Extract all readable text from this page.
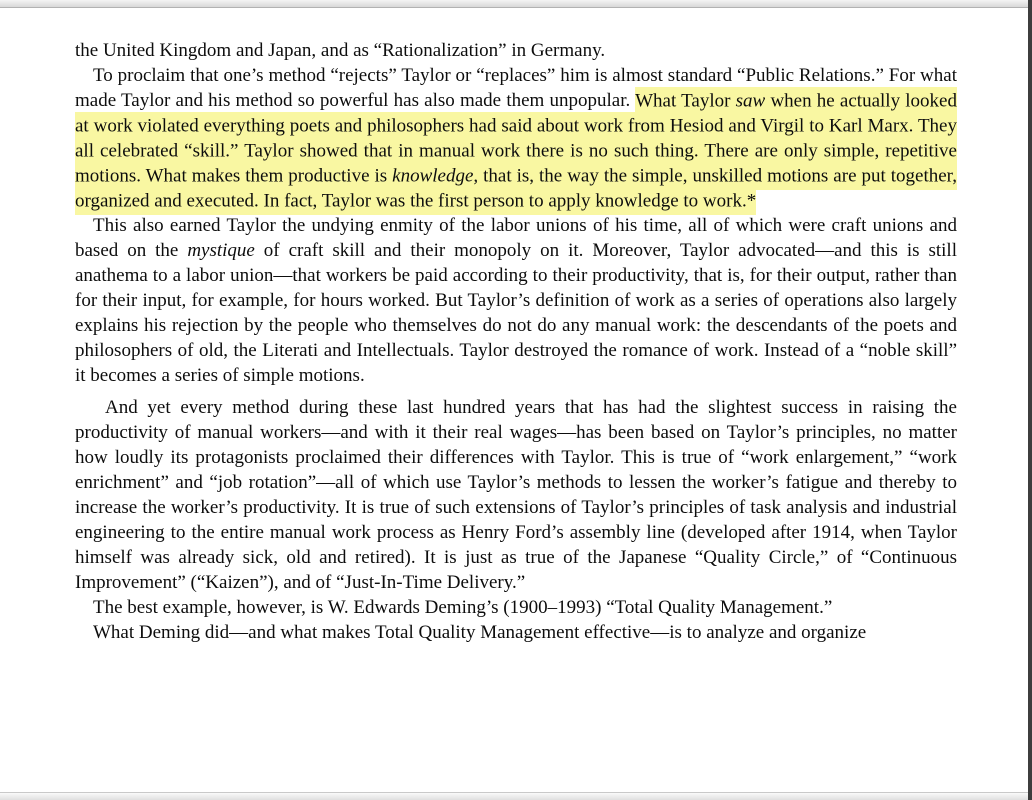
the United Kingdom and Japan, and as “Rationalization” in Germany.

To proclaim that one’s method “rejects” Taylor or “replaces” him is almost standard “Public Relations.” For what made Taylor and his method so powerful has also made them unpopular. What Taylor saw when he actually looked at work violated everything poets and philosophers had said about work from Hesiod and Virgil to Karl Marx. They all celebrated “skill.” Taylor showed that in manual work there is no such thing. There are only simple, repetitive motions. What makes them productive is knowledge, that is, the way the simple, unskilled motions are put together, organized and executed. In fact, Taylor was the first person to apply knowledge to work.*

This also earned Taylor the undying enmity of the labor unions of his time, all of which were craft unions and based on the mystique of craft skill and their monopoly on it. Moreover, Taylor advocated—and this is still anathema to a labor union—that workers be paid according to their productivity, that is, for their output, rather than for their input, for example, for hours worked. But Taylor’s definition of work as a series of operations also largely explains his rejection by the people who themselves do not do any manual work: the descendants of the poets and philosophers of old, the Literati and Intellectuals. Taylor destroyed the romance of work. Instead of a “noble skill” it becomes a series of simple motions.

And yet every method during these last hundred years that has had the slightest success in raising the productivity of manual workers—and with it their real wages—has been based on Taylor’s principles, no matter how loudly its protagonists proclaimed their differences with Taylor. This is true of “work enlargement,” “work enrichment” and “job rotation”—all of which use Taylor’s methods to lessen the worker’s fatigue and thereby to increase the worker’s productivity. It is true of such extensions of Taylor’s principles of task analysis and industrial engineering to the entire manual work process as Henry Ford’s assembly line (developed after 1914, when Taylor himself was already sick, old and retired). It is just as true of the Japanese “Quality Circle,” of “Continuous Improvement” (“Kaizen”), and of “Just-In-Time Delivery.”

The best example, however, is W. Edwards Deming’s (1900–1993) “Total Quality Management.”

What Deming did—and what makes Total Quality Management effective—is to analyze and organize
